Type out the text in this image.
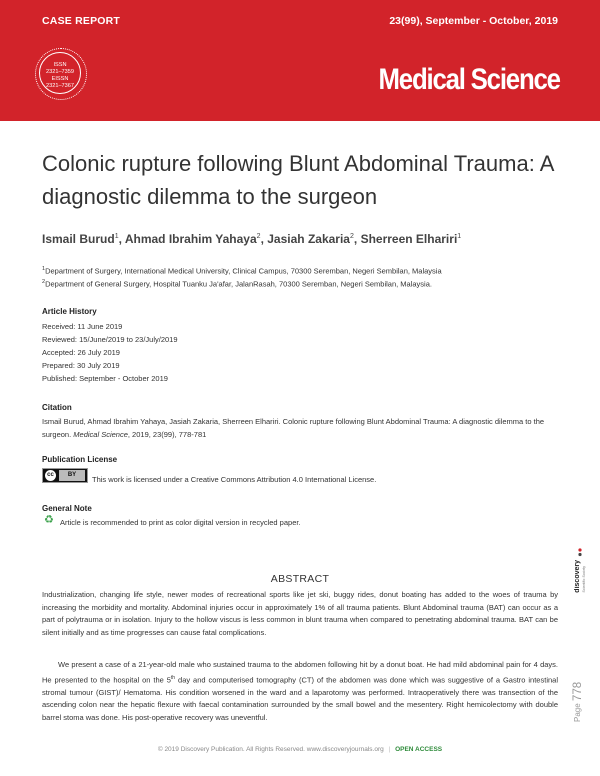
CASE REPORT	23(99), September - October, 2019
ISSN
2321–7359
EISSN
2321–7367	Medical Science
Colonic rupture following Blunt Abdominal Trauma: A diagnostic dilemma to the surgeon
Ismail Burud$^1$, Ahmad Ibrahim Yahaya$^2$, Jasiah Zakaria$^2$, Sherreen Elhariri$^1$
$^1$Department of Surgery, International Medical University, Clinical Campus, 70300 Seremban, Negeri Sembilan, Malaysia
$^2$Department of General Surgery, Hospital Tuanku Ja'afar, JalanRasah, 70300 Seremban, Negeri Sembilan, Malaysia.
Article History
Received: 11 June 2019
Reviewed: 15/June/2019 to 23/July/2019
Accepted: 26 July 2019
Prepared: 30 July 2019
Published: September - October 2019
Citation
Ismail Burud, Ahmad Ibrahim Yahaya, Jasiah Zakaria, Sherreen Elhariri. Colonic rupture following Blunt Abdominal Trauma: A diagnostic dilemma to the surgeon. Medical Science, 2019, 23(99), 778-781
Publication License
cc	BY	This work is licensed under a Creative Commons Attribution 4.0 International License.
General Note
♻ Article is recommended to print as color digital version in recycled paper.
discovery Scientific Society
ABSTRACT

Industrialization, changing life style, newer modes of recreational sports like jet ski, buggy rides, donut boating has added to the woes of trauma by increasing the morbidity and mortality. Abdominal injuries occur in approximately 1% of all trauma patients. Blunt Abdominal trauma (BAT) can occur as a part of polytrauma or in isolation. Injury to the hollow viscus is less common in blunt trauma when compared to penetrating abdominal trauma. BAT can be silent initially and as time progresses can cause fatal complications.

We present a case of a 21-year-old male who sustained trauma to the abdomen following hit by a donut boat. He had mild abdominal pain for 4 days. He presented to the hospital on the 5th day and computerised tomography (CT) of the abdomen was done which was suggestive of a Gastro intestinal stromal tumour (GIST)/ Hematoma. His condition worsened in the ward and a laparotomy was performed. Intraoperatively there was transection of the ascending colon near the hepatic flexure with faecal contamination surrounded by the small bowel and the mesentery. Right hemicolectomy with double barrel stoma was done. His post-operative recovery was uneventful.	Page 778
© 2019 Discovery Publication. All Rights Reserved. www.discoveryjournals.org | OPEN ACCESS
